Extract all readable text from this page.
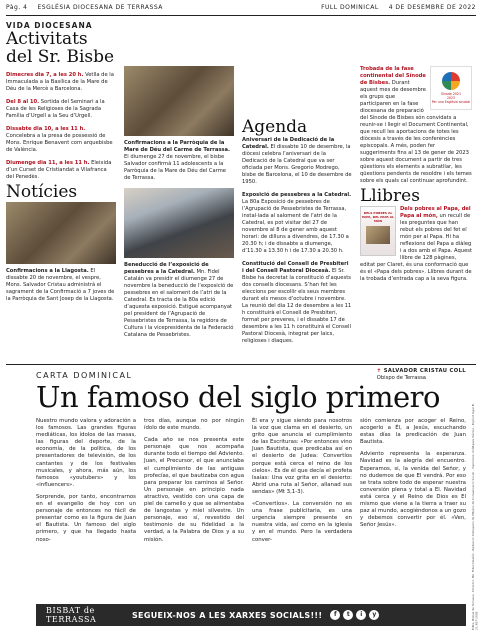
Pàg. 4 ESGLÉSIA DIOCESANA DE TERRASSA	FULL DOMINICAL 4 DE DESEMBRE DE 2022
VIDA DIOCESANA
Activitats del Sr. Bisbe

Dimecres dia 7, a les 20 h. Vetlla de la Immaculada a la Basílica de la Mare de Déu de la Mercè a Barcelona.

Del 8 al 10. Sortida del Seminari a la Casa de les Religioses de la Sagrada Família d’Urgell a la Seu d’Urgell.

Dissabte dia 10, a les 11 h. Concelebra a la presa de possessió de Mons. Enrique Benavent com arquebisbe de València.

Diumenge dia 11, a les 11 h. Eleixida d’un Curset de Cristiandat a Vilafranca del Penedès.

Notícies

Confirmacions a la Llagosta. El dissabte 20 de novembre, el vespre, Mons. Salvador Cristau administrà el sagrament de la Confirmació a 7 joves de la Parròquia de Sant Josep de la Llagosta.

Confirmacions a la Parròquia de la Mare de Déu del Carme de Terrassa. El diumenge 27 de novembre, el bisbe Salvador confirmà 11 adolescents a la Parròquia de la Mare de Déu del Carme de Terrassa.

Beneducció de l’exposició de pessebres a la Catedral. Mn. Fidel Catalán va presidir el diumenge 27 de novembre la beneducció de l’exposició de pessebres en el saloment de l’atri de la Catedral. Es tracta de la 80a edició d’aquesta exposició. Estigué acompanyat pel president de l’Agrupació de Pessebristes de Terrassa, la regidora de Cultura i la vicepresidenta de la Federació Catalana de Pessebristes.

Agenda

Aniversari de la Dedicació de la Catedral. El dissabte 10 de desembre, la diòcesi celebra l’aniversari de la Dedicació de la Catedral que va ser oficiada per Mons. Gregorio Modrego, bisbe de Barcelona, el 10 de desembre de 1950.

Exposició de pessebres a la Catedral. La 80a Exposició de pessebres de l’Agrupació de Pessebristes de Terrassa, instal·lada al saloment de l’atri de la Catedral, es pot visitar del 27 de novembre al 8 de gener amb aquest horari: de dilluns a divendres, de 17.30 a 20.30 h; i de dissabte a diumenge, d’11.30 a 13.30 h i de 17.30 a 20.30 h.

Constitució del Consell de Presbiteri i del Consell Pastoral Diocesà. El Sr. Bisbe ha decretat la constitució d’aquests dos consells diocesans. S’han fet les eleccions per escollir els seus membres durant els mesos d’octubre i novembre. La reunió del dia 12 de desembre a les 11 h constituirà el Consell de Presbiteri, format per preveres, i el dissabte 17 de desembre a les 11 h constituirà el Consell Pastoral Diocesà, integrat per laics, religioses i diaques.

Sínode 2021
2023
Per una Església sinodal

Trobada de la fase continental del Sínode de Bisbes. Durant aquest mes de desembre els grups que participaren en la fase diocesana de preparació del Sínode de Bisbes són convidats a reunir-se i llegir el Document Continental, que recull les aportacions de totes les diòcesis a través de les conferències episcopals. A més, poden fer suggeriments fins al 13 de gener de 2023 sobre aquest document a partir de tres qüestions els elements a subratllar, les qüestions pendents de resoldre i els temes sobre els quals cal continuar aprofundint.

Llibres
DELS POBRES AL PAPA, DEL PAPA AL MÓN

Dels pobres al Papa, del Papa al món, un recull de les preguntes que han rebut els pobres del fet el món per al Papa. Hi ha reflexions del Papa a diàleg i a dos amb el Papa. Aquest llibre de 128 pàgines, editat per Claret, és una conformació que és el «Papa dels pobres». Llibres durant de la trobada d’entrada cap a la seva figura.

CARTA DOMINICAL	✝ SALVADOR CRISTAU COLL
Obispo de Terrassa
Un famoso del siglo primero

Nuestro mundo valora y adoración a los famosos. Las grandes figuras mediáticas, los ídolos de las masas, las figuras del deporte, de la economía, de la política, de los presentadores de televisión, de los cantantes y de los festivales musicales, y ahora, más aún, los famosos «youtubers» y los «influencers».

Sorprende, por tanto, encontrarnos en el evangelio de hoy con un personaje de entonces no fácil de presentar como es la figura de Juan el Bautista. Un famoso del siglo primero, y que ha llegado hasta noso-

tros días, aunque no por ningún ídolo de este mundo.

Cada año se nos presenta este personaje que nos acompaña durante todo el tiempo del Adviento. Juan, el Precursor, el que anunciaba el cumplimiento de las antiguas profecías, el que bautizaba con agua para preparar los caminos al Señor. Un personaje en principio nada atractivo, vestido con una capa de piel de camello y que se alimentaba de langostas y miel silvestre. Un personaje, eso sí, revestido del testimonio de su fidelidad a la verdad, a la Palabra de Dios y a su misión.

Él era y sigue siendo para nosotros la voz que clama en el desierto, un grito que anuncia el cumplimiento de las Escrituras: «Por entonces vino Juan Bautista, que predicaba así en el desierto de Judea: Convertíos porque está cerca el reino de los cielos». Es de él que decía el profeta Isaías: Una voz grita en el desierto: Abrid una ruta al Señor, allanad sus sendas» (Mt 3,1-3).

«Convertíos». La conversión no es una frase publicitaria, es una urgencia siempre presente en nuestra vida, así como en la iglesia y en el mundo. Pero la verdadera conver-

sión comienza por acoger el Reino, acogerlo a Él, a Jesús, escuchando estas días la predicación de Juan Bautista.

Adviento representa la esperanza. Navidad es la alegría del encuentro. Esperamos, si, la venida del Señor, y no dudemos de que El vendrá. Por eso se trata sobre todo de esperar nuestra conversión plena y total a El. Navidad está cerca y el Reino de Dios es El mismo que viene a la tierra a traer su paz al mundo, acogiéndonos a un gozo y debemos convertir por él. «Ven, Señor Jesús».

BISBAT de TERRASSA	SEGUEIX-NOS A LES XARXES SOCIALS!!!	f	t	i	y	Edita: Bisbat de Terrassa · Director: Mn. Fidel Catalán · Redacció: Delegació de Mitjans de Comunicació Social · Imprimeix: Gràfiques Ibèrica · Dipòsit legal B-21.487-2005
